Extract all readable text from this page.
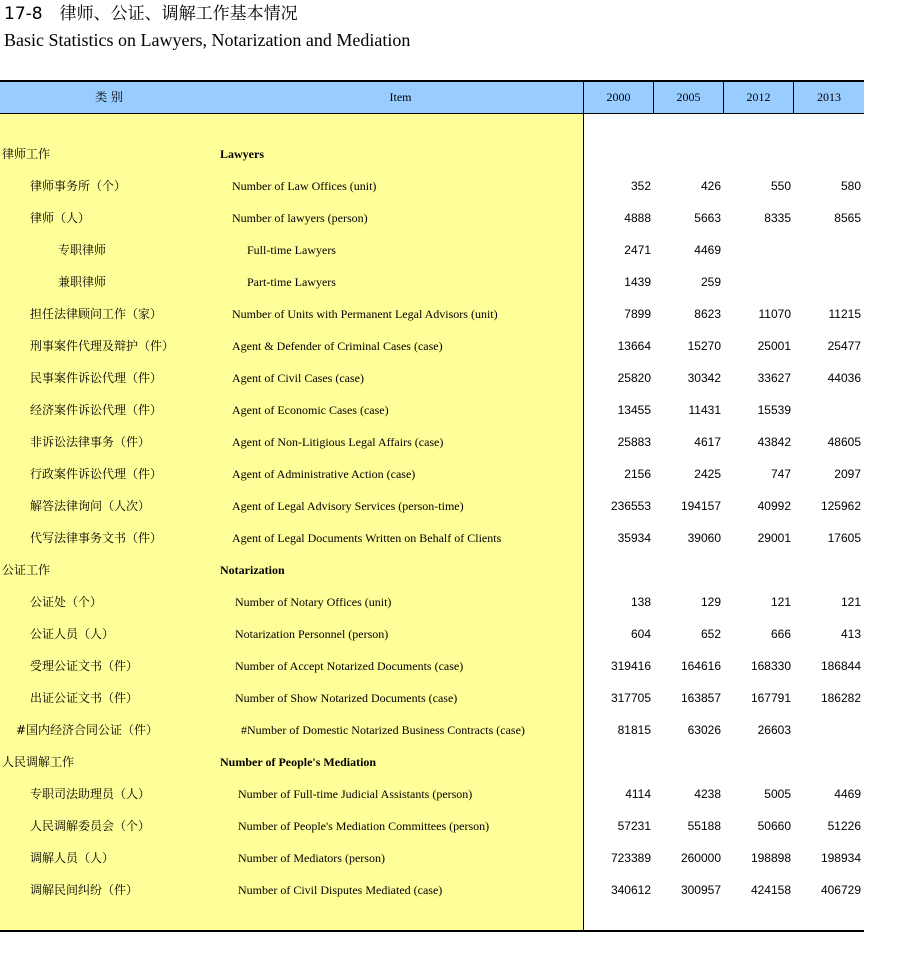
17-8　律师、公证、调解工作基本情况
Basic Statistics on Lawyers, Notarization and Mediation
类 别	Item	2000	2005	2012	2013
律师工作	Lawyers
律师事务所（个）	Number of Law Offices (unit)	352	426	550	580
律师（人）	Number of lawyers (person)	4888	5663	8335	8565
专职律师	Full-time Lawyers	2471	4469
兼职律师	Part-time Lawyers	1439	259
担任法律顾问工作（家）	Number of Units with Permanent Legal Advisors (unit)	7899	8623	11070	11215
刑事案件代理及辩护（件）	Agent & Defender of Criminal Cases (case)	13664	15270	25001	25477
民事案件诉讼代理（件）	Agent of Civil Cases (case)	25820	30342	33627	44036
经济案件诉讼代理（件）	Agent of Economic Cases (case)	13455	11431	15539
非诉讼法律事务（件）	Agent of Non-Litigious Legal Affairs (case)	25883	4617	43842	48605
行政案件诉讼代理（件）	Agent of Administrative Action (case)	2156	2425	747	2097
解答法律询问（人次）	Agent of Legal Advisory Services (person-time)	236553	194157	40992	125962
代写法律事务文书（件）	Agent of Legal Documents Written on Behalf of Clients	35934	39060	29001	17605
公证工作	Notarization
公证处（个）	Number of Notary Offices (unit)	138	129	121	121
公证人员（人）	Notarization Personnel (person)	604	652	666	413
受理公证文书（件）	Number of Accept Notarized Documents (case)	319416	164616	168330	186844
出证公证文书（件）	Number of Show Notarized Documents (case)	317705	163857	167791	186282
#国内经济合同公证（件）	#Number of Domestic Notarized Business Contracts (case)	81815	63026	26603
人民调解工作	Number of People's Mediation
专职司法助理员（人）	Number of Full-time Judicial Assistants (person)	4114	4238	5005	4469
人民调解委员会（个）	Number of People's Mediation Committees (person)	57231	55188	50660	51226
调解人员（人）	Number of Mediators (person)	723389	260000	198898	198934
调解民间纠纷（件）	Number of Civil Disputes Mediated (case)	340612	300957	424158	406729
